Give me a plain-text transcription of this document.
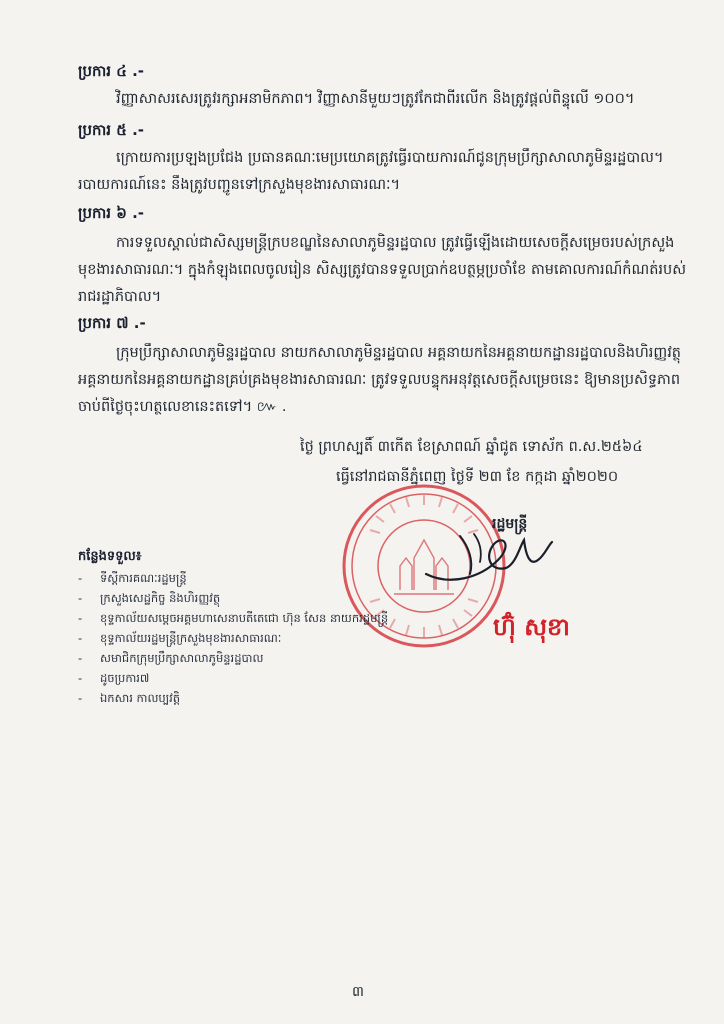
ប្រការ ៤ .-
វិញ្ញាសាសរសេរត្រូវរក្សាអនាមិកភាព។ វិញ្ញាសានីមួយៗត្រូវកែជាពីរលើក និងត្រូវផ្តល់ពិន្ទុលើ ១០០។
ប្រការ ៥ .-
ក្រោយការប្រឡងប្រជែង ប្រធានគណៈមេប្រយោគត្រូវធ្វើរបាយការណ៍ជូនក្រុមប្រឹក្សាសាលាភូមិន្ទរដ្ឋបាល។
របាយការណ៍នេះ នឹងត្រូវបញ្ជូនទៅក្រសួងមុខងារសាធារណៈ។
ប្រការ ៦ .-
ការទទួលស្គាល់ជាសិស្សមន្ត្រីក្របខណ្ឌនៃសាលាភូមិន្ទរដ្ឋបាល ត្រូវធ្វើឡើងដោយសេចក្តីសម្រេចរបស់ក្រសួង
មុខងារសាធារណៈ។ ក្នុងកំឡុងពេលចូលរៀន សិស្សត្រូវបានទទួលប្រាក់ឧបត្ថម្ភប្រចាំខែ តាមគោលការណ៍កំណត់របស់
រាជរដ្ឋាភិបាល។
ប្រការ ៧ .-
ក្រុមប្រឹក្សាសាលាភូមិន្ទរដ្ឋបាល នាយកសាលាភូមិន្ទរដ្ឋបាល អគ្គនាយកនៃអគ្គនាយកដ្ឋានរដ្ឋបាលនិងហិរញ្ញវត្ថុ
អគ្គនាយកនៃអគ្គនាយកដ្ឋានគ្រប់គ្រងមុខងារសាធារណៈ ត្រូវទទួលបន្ទុកអនុវត្តសេចក្តីសម្រេចនេះ ឱ្យមានប្រសិទ្ធភាព
ចាប់ពីថ្ងៃចុះហត្ថលេខានេះតទៅ។ ៚ .
ថ្ងៃ ព្រហស្បតិ៍ ៣កើត ខែស្រាពណ៍ ឆ្នាំជូត ទោស័ក ព.ស.២៥៦៤
ធ្វើនៅរាជធានីភ្នំពេញ ថ្ងៃទី ២៣ ខែ កក្កដា ឆ្នាំ២០២០
រដ្ឋមន្ត្រី
ហ៊ុំ សុខា
កន្លែងទទួល៖
- ទីស្តីការគណៈរដ្ឋមន្ត្រី
- ក្រសួងសេដ្ឋកិច្ច និងហិរញ្ញវត្ថុ
- ខុទ្ទកាល័យសម្តេចអគ្គមហាសេនាបតីតេជោ ហ៊ុន សែន នាយករដ្ឋមន្ត្រី
- ខុទ្ទកាល័យរដ្ឋមន្ត្រីក្រសួងមុខងារសាធារណៈ
- សមាជិកក្រុមប្រឹក្សាសាលាភូមិន្ទរដ្ឋបាល
- ដូចប្រការ៧
- ឯកសារ កាលប្បវត្តិ
៣
